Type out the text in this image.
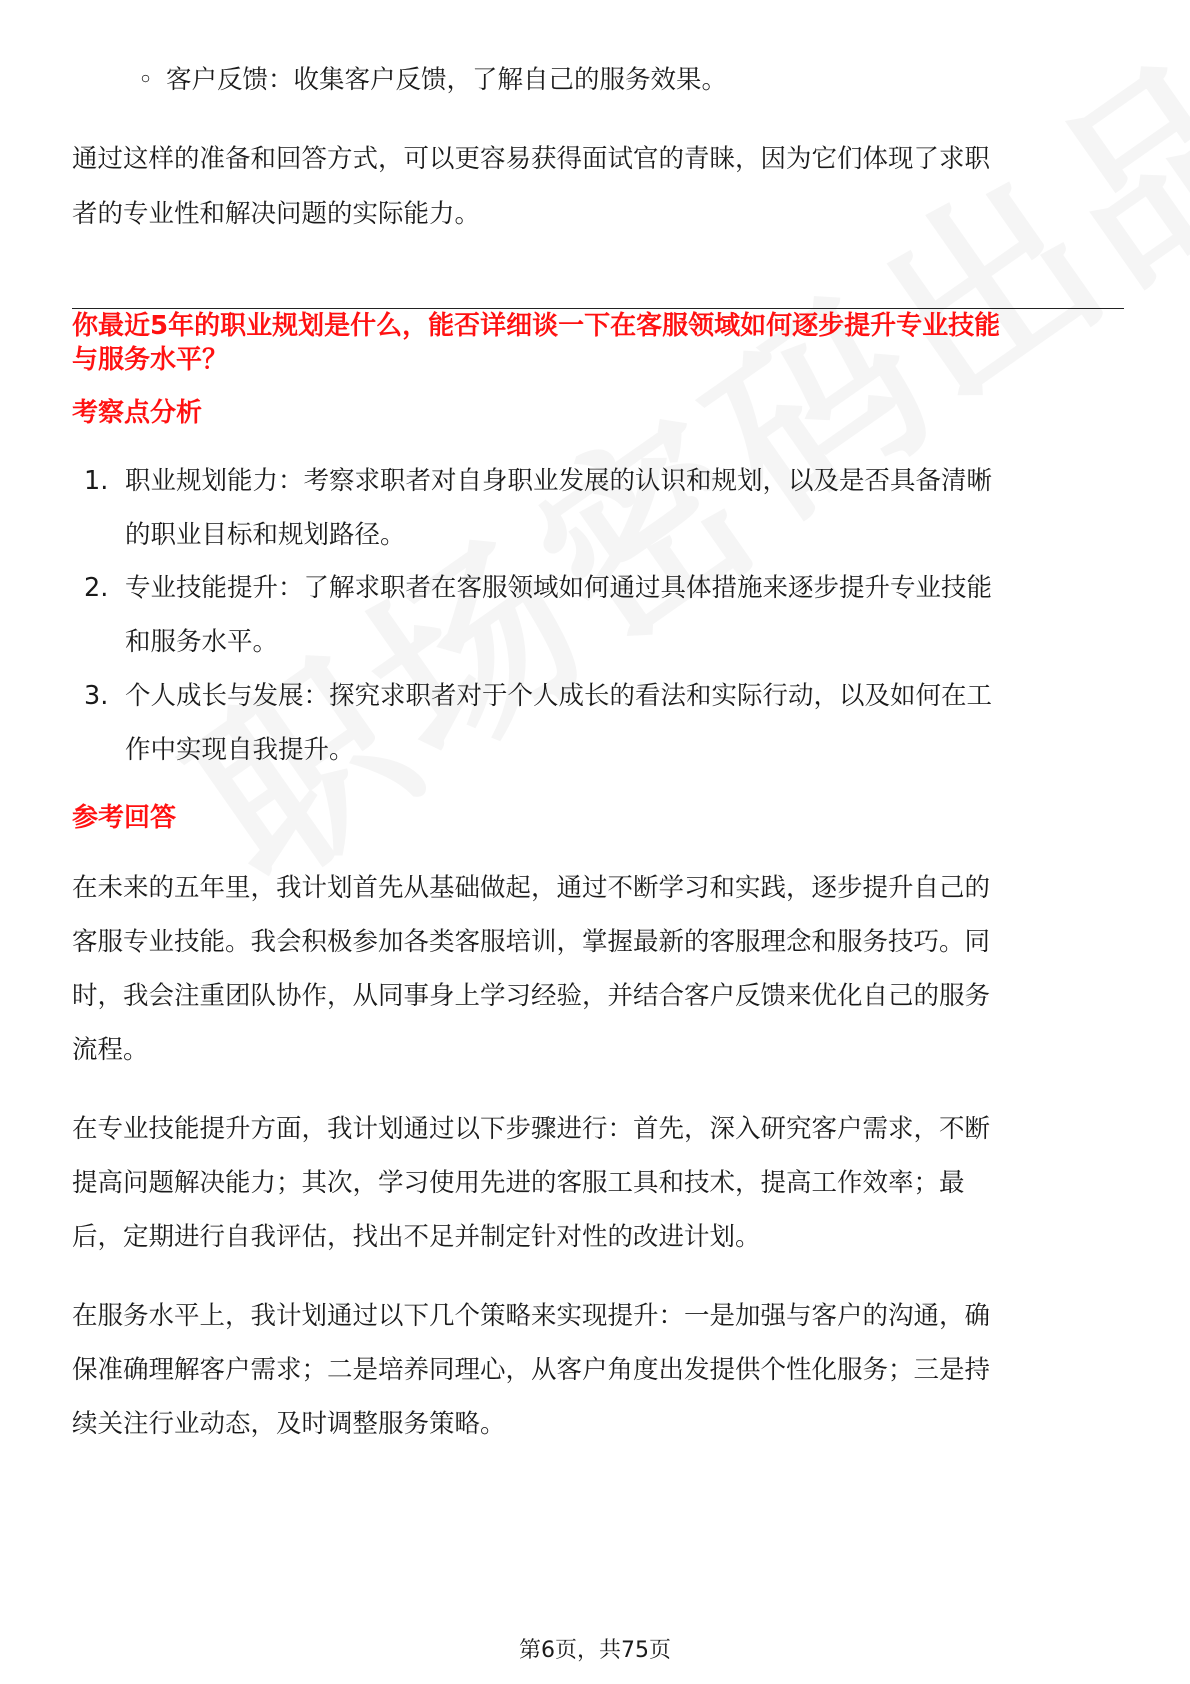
◦ 客户反馈：收集客户反馈，了解自己的服务效果。
通过这样的准备和回答方式，可以更容易获得面试官的青睐，因为它们体现了求职
者的专业性和解决问题的实际能力。
你最近5年的职业规划是什么，能否详细谈一下在客服领域如何逐步提升专业技能
与服务水平？
考察点分析
1. 职业规划能力：考察求职者对自身职业发展的认识和规划，以及是否具备清晰
的职业目标和规划路径。
2. 专业技能提升：了解求职者在客服领域如何通过具体措施来逐步提升专业技能
和服务水平。
3. 个人成长与发展：探究求职者对于个人成长的看法和实际行动，以及如何在工
作中实现自我提升。
参考回答
在未来的五年里，我计划首先从基础做起，通过不断学习和实践，逐步提升自己的
客服专业技能。我会积极参加各类客服培训，掌握最新的客服理念和服务技巧。同
时，我会注重团队协作，从同事身上学习经验，并结合客户反馈来优化自己的服务
流程。
在专业技能提升方面，我计划通过以下步骤进行：首先，深入研究客户需求，不断
提高问题解决能力；其次，学习使用先进的客服工具和技术，提高工作效率；最
后，定期进行自我评估，找出不足并制定针对性的改进计划。
在服务水平上，我计划通过以下几个策略来实现提升：一是加强与客户的沟通，确
保准确理解客户需求；二是培养同理心，从客户角度出发提供个性化服务；三是持
续关注行业动态，及时调整服务策略。
第6页，共75页
